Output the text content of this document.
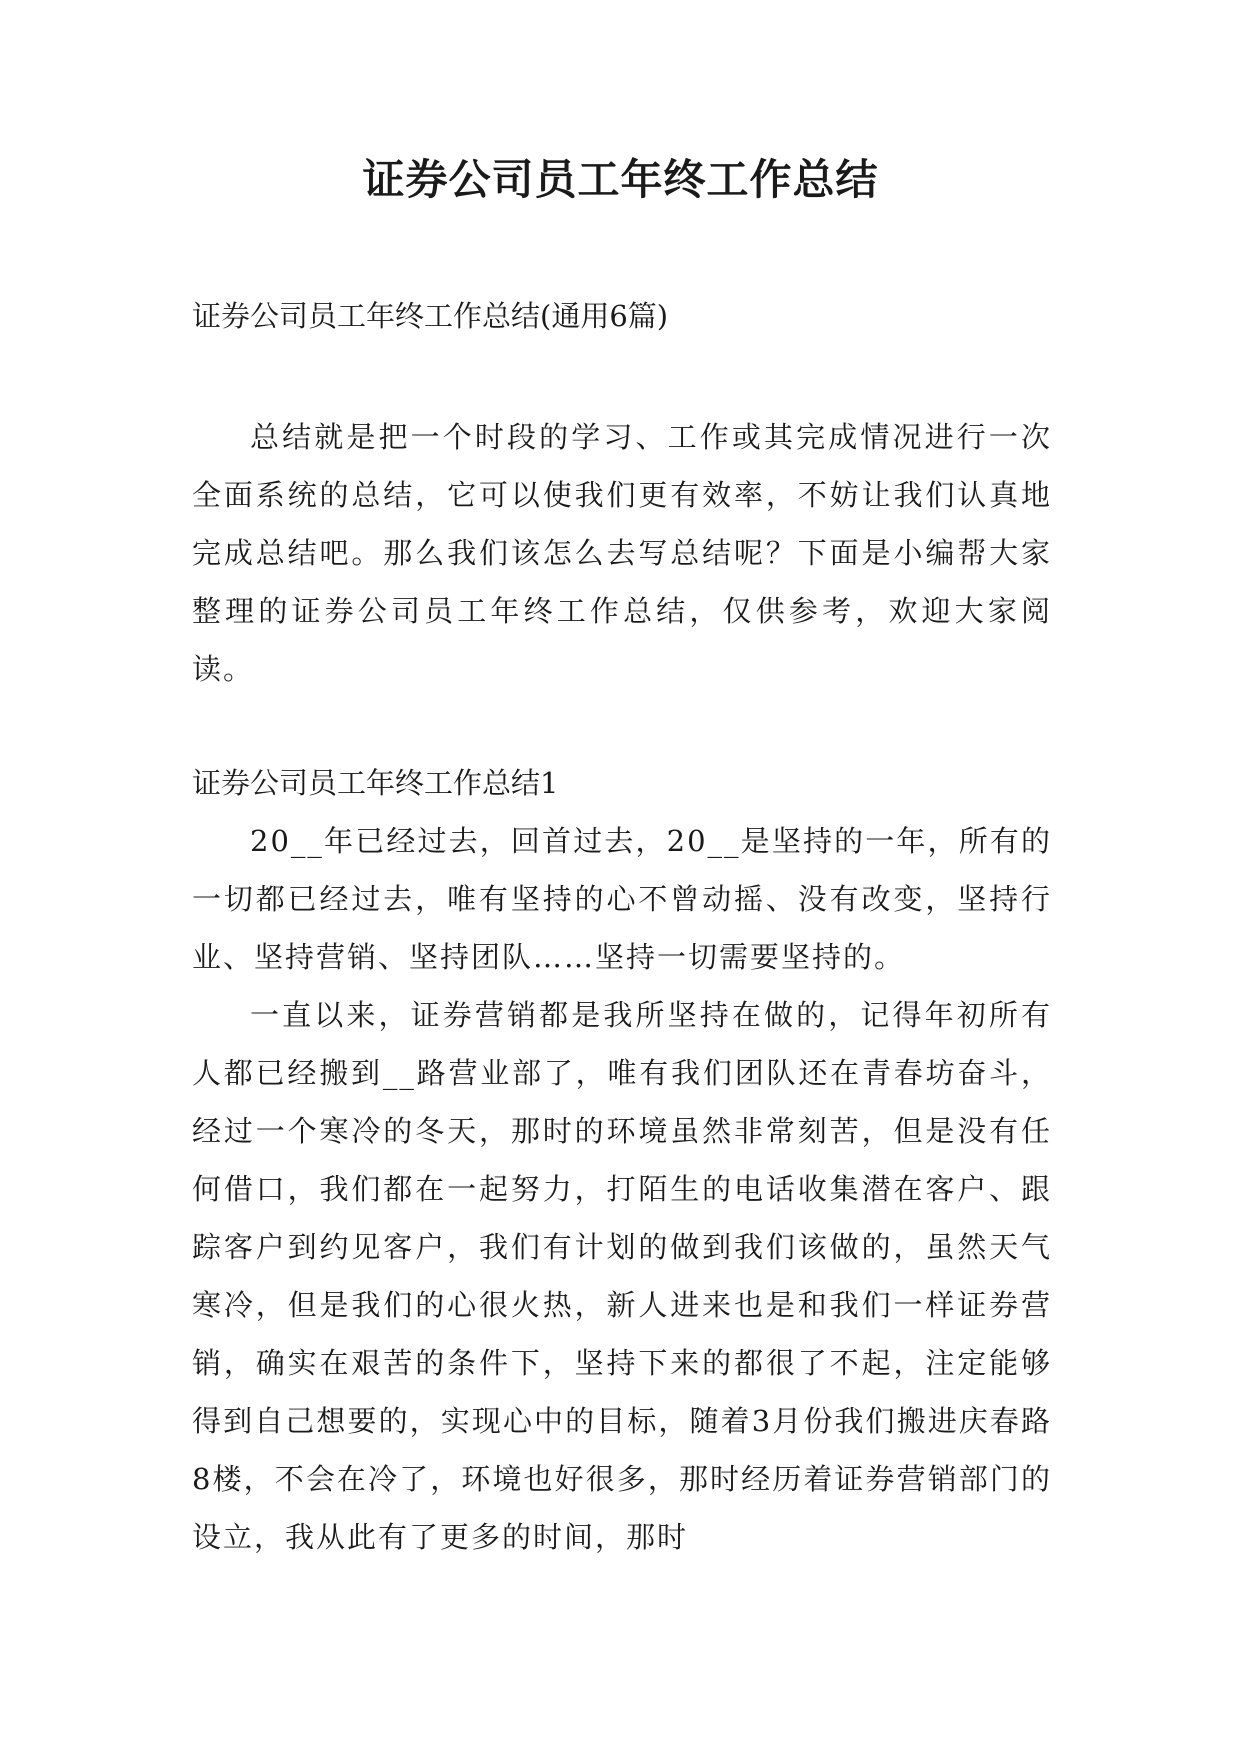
证券公司员工年终工作总结
证券公司员工年终工作总结(通用6篇)
总结就是把一个时段的学习、工作或其完成情况进行一次全面系统的总结，它可以使我们更有效率，不妨让我们认真地完成总结吧。那么我们该怎么去写总结呢？下面是小编帮大家整理的证券公司员工年终工作总结，仅供参考，欢迎大家阅读。
证券公司员工年终工作总结1

20__年已经过去，回首过去，20__是坚持的一年，所有的一切都已经过去，唯有坚持的心不曾动摇、没有改变，坚持行业、坚持营销、坚持团队……坚持一切需要坚持的。

一直以来，证券营销都是我所坚持在做的，记得年初所有人都已经搬到__路营业部了，唯有我们团队还在青春坊奋斗，经过一个寒冷的冬天，那时的环境虽然非常刻苦，但是没有任何借口，我们都在一起努力，打陌生的电话收集潜在客户、跟踪客户到约见客户，我们有计划的做到我们该做的，虽然天气寒冷，但是我们的心很火热，新人进来也是和我们一样证券营销，确实在艰苦的条件下，坚持下来的都很了不起，注定能够得到自己想要的，实现心中的目标，随着3月份我们搬进庆春路8楼，不会在冷了，环境也好很多，那时经历着证券营销部门的设立，我从此有了更多的时间，那时
